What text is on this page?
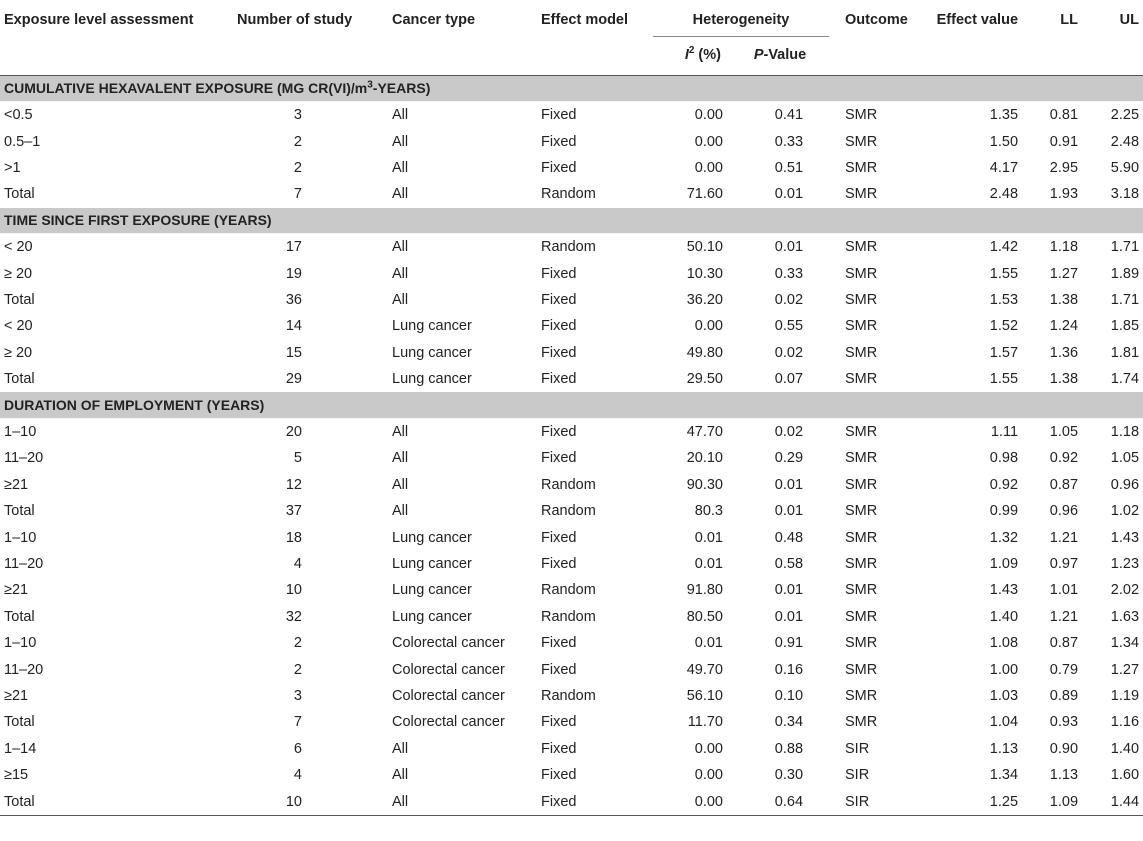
Exposure level assessment	Number of study	Cancer type	Effect model	Heterogeneity		Outcome	Effect value	LL	UL
				$I^2$ (%)	P-Value				
CUMULATIVE HEXAVALENT EXPOSURE (MG $CR(VI)/m^3-YEARS$)									
<0.5	3	All	Fixed	0.00	0.41	SMR	1.35	0.81	2.25
0.5–1	2	All	Fixed	0.00	0.33	SMR	1.50	0.91	2.48
>1	2	All	Fixed	0.00	0.51	SMR	4.17	2.95	5.90
Total	7	All	Random	71.60	0.01	SMR	2.48	1.93	3.18
TIME SINCE FIRST EXPOSURE (YEARS)									
< 20	17	All	Random	50.10	0.01	SMR	1.42	1.18	1.71
≥ 20	19	All	Fixed	10.30	0.33	SMR	1.55	1.27	1.89
Total	36	All	Fixed	36.20	0.02	SMR	1.53	1.38	1.71
< 20	14	Lung cancer	Fixed	0.00	0.55	SMR	1.52	1.24	1.85
≥ 20	15	Lung cancer	Fixed	49.80	0.02	SMR	1.57	1.36	1.81
Total	29	Lung cancer	Fixed	29.50	0.07	SMR	1.55	1.38	1.74
DURATION OF EMPLOYMENT (YEARS)									
1–10	20	All	Fixed	47.70	0.02	SMR	1.11	1.05	1.18
11–20	5	All	Fixed	20.10	0.29	SMR	0.98	0.92	1.05
≥21	12	All	Random	90.30	0.01	SMR	0.92	0.87	0.96
Total	37	All	Random	80.3	0.01	SMR	0.99	0.96	1.02
1–10	18	Lung cancer	Fixed	0.01	0.48	SMR	1.32	1.21	1.43
11–20	4	Lung cancer	Fixed	0.01	0.58	SMR	1.09	0.97	1.23
≥21	10	Lung cancer	Random	91.80	0.01	SMR	1.43	1.01	2.02
Total	32	Lung cancer	Random	80.50	0.01	SMR	1.40	1.21	1.63
1–10	2	Colorectal cancer	Fixed	0.01	0.91	SMR	1.08	0.87	1.34
11–20	2	Colorectal cancer	Fixed	49.70	0.16	SMR	1.00	0.79	1.27
≥21	3	Colorectal cancer	Random	56.10	0.10	SMR	1.03	0.89	1.19
Total	7	Colorectal cancer	Fixed	11.70	0.34	SMR	1.04	0.93	1.16
1–14	6	All	Fixed	0.00	0.88	SIR	1.13	0.90	1.40
≥15	4	All	Fixed	0.00	0.30	SIR	1.34	1.13	1.60
Total	10	All	Fixed	0.00	0.64	SIR	1.25	1.09	1.44
